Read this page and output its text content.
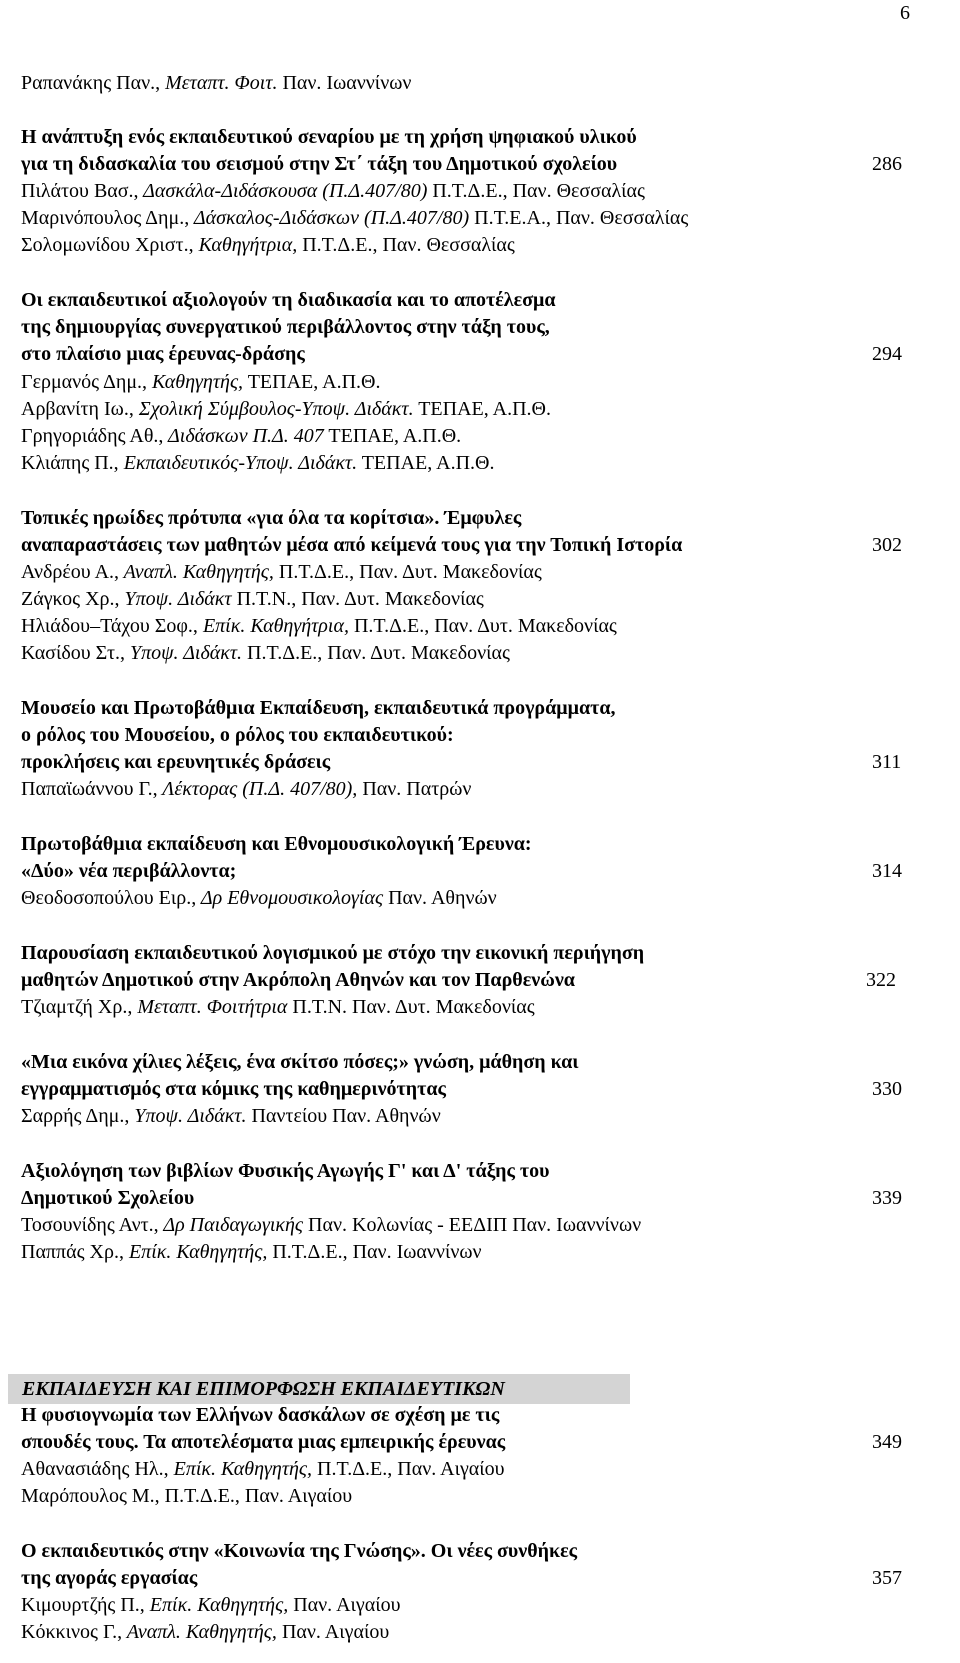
6
Ραπανάκης Παν., Μεταπτ. Φοιτ. Παν. Ιωαννίνων
Η ανάπτυξη ενός εκπαιδευτικού σεναρίου με τη χρήση ψηφιακού υλικού
για τη διδασκαλία του σεισμού στην Στ΄ τάξη του Δημοτικού σχολείου	286
Πιλάτου Βασ., Δασκάλα-Διδάσκουσα (Π.Δ.407/80) Π.Τ.Δ.Ε., Παν. Θεσσαλίας
Μαρινόπουλος Δημ., Δάσκαλος-Διδάσκων (Π.Δ.407/80) Π.Τ.Ε.Α., Παν. Θεσσαλίας
Σολομωνίδου Χριστ., Καθηγήτρια, Π.Τ.Δ.Ε., Παν. Θεσσαλίας
Οι εκπαιδευτικοί αξιολογούν τη διαδικασία και το αποτέλεσμα
της δημιουργίας συνεργατικού περιβάλλοντος στην τάξη τους,
στο πλαίσιο μιας έρευνας-δράσης	294
Γερμανός Δημ., Καθηγητής, ΤΕΠΑΕ, Α.Π.Θ.
Αρβανίτη Ιω., Σχολική Σύμβουλος-Υποψ. Διδάκτ. ΤΕΠΑΕ, Α.Π.Θ.
Γρηγοριάδης Αθ., Διδάσκων Π.Δ. 407 ΤΕΠΑΕ, Α.Π.Θ.
Κλιάπης Π., Εκπαιδευτικός-Υποψ. Διδάκτ. ΤΕΠΑΕ, Α.Π.Θ.
Τοπικές ηρωίδες πρότυπα «για όλα τα κορίτσια». Έμφυλες
αναπαραστάσεις των μαθητών μέσα από κείμενά τους για την Τοπική Ιστορία	302
Ανδρέου Α., Αναπλ. Καθηγητής, Π.Τ.Δ.Ε., Παν. Δυτ. Μακεδονίας
Ζάγκος Χρ., Υποψ. Διδάκτ Π.Τ.Ν., Παν. Δυτ. Μακεδονίας
Ηλιάδου–Τάχου Σοφ., Επίκ. Καθηγήτρια, Π.Τ.Δ.Ε., Παν. Δυτ. Μακεδονίας
Κασίδου Στ., Υποψ. Διδάκτ. Π.Τ.Δ.Ε., Παν. Δυτ. Μακεδονίας
Μουσείο και Πρωτοβάθμια Εκπαίδευση, εκπαιδευτικά προγράμματα,
ο ρόλος του Μουσείου, ο ρόλος του εκπαιδευτικού:
προκλήσεις και ερευνητικές δράσεις	311
Παπαϊωάννου Γ., Λέκτορας (Π.Δ. 407/80), Παν. Πατρών
Πρωτοβάθμια εκπαίδευση και Εθνομουσικολογική Έρευνα:
«Δύο» νέα περιβάλλοντα;	314
Θεοδοσοπούλου Ειρ., Δρ Εθνομουσικολογίας Παν. Αθηνών
Παρουσίαση εκπαιδευτικού λογισμικού με στόχο την εικονική περιήγηση
μαθητών Δημοτικού στην Ακρόπολη Αθηνών και τον Παρθενώνα	322
Τζιαμτζή Χρ., Μεταπτ. Φοιτήτρια Π.Τ.Ν. Παν. Δυτ. Μακεδονίας
«Μια εικόνα χίλιες λέξεις, ένα σκίτσο πόσες;» γνώση, μάθηση και
εγγραμματισμός στα κόμικς της καθημερινότητας	330
Σαρρής Δημ., Υποψ. Διδάκτ. Παντείου Παν. Αθηνών
Αξιολόγηση των βιβλίων Φυσικής Αγωγής Γ' και Δ' τάξης του
Δημοτικού Σχολείου	339
Τοσουνίδης Αντ., Δρ Παιδαγωγικής Παν. Κολωνίας - ΕΕΔΙΠ Παν. Ιωαννίνων
Παππάς Χρ., Επίκ. Καθηγητής, Π.Τ.Δ.Ε., Παν. Ιωαννίνων
ΕΚΠΑΙΔΕΥΣΗ ΚΑΙ ΕΠΙΜΟΡΦΩΣΗ ΕΚΠΑΙΔΕΥΤΙΚΩΝ
Η φυσιογνωμία των Ελλήνων δασκάλων σε σχέση με τις
σπουδές τους. Τα αποτελέσματα μιας εμπειρικής έρευνας	349
Αθανασιάδης Ηλ., Επίκ. Καθηγητής, Π.Τ.Δ.Ε., Παν. Αιγαίου
Μαρόπουλος Μ., Π.Τ.Δ.Ε., Παν. Αιγαίου
Ο εκπαιδευτικός στην «Κοινωνία της Γνώσης». Οι νέες συνθήκες
της αγοράς εργασίας	357
Κιμουρτζής Π., Επίκ. Καθηγητής, Παν. Αιγαίου
Κόκκινος Γ., Αναπλ. Καθηγητής, Παν. Αιγαίου
